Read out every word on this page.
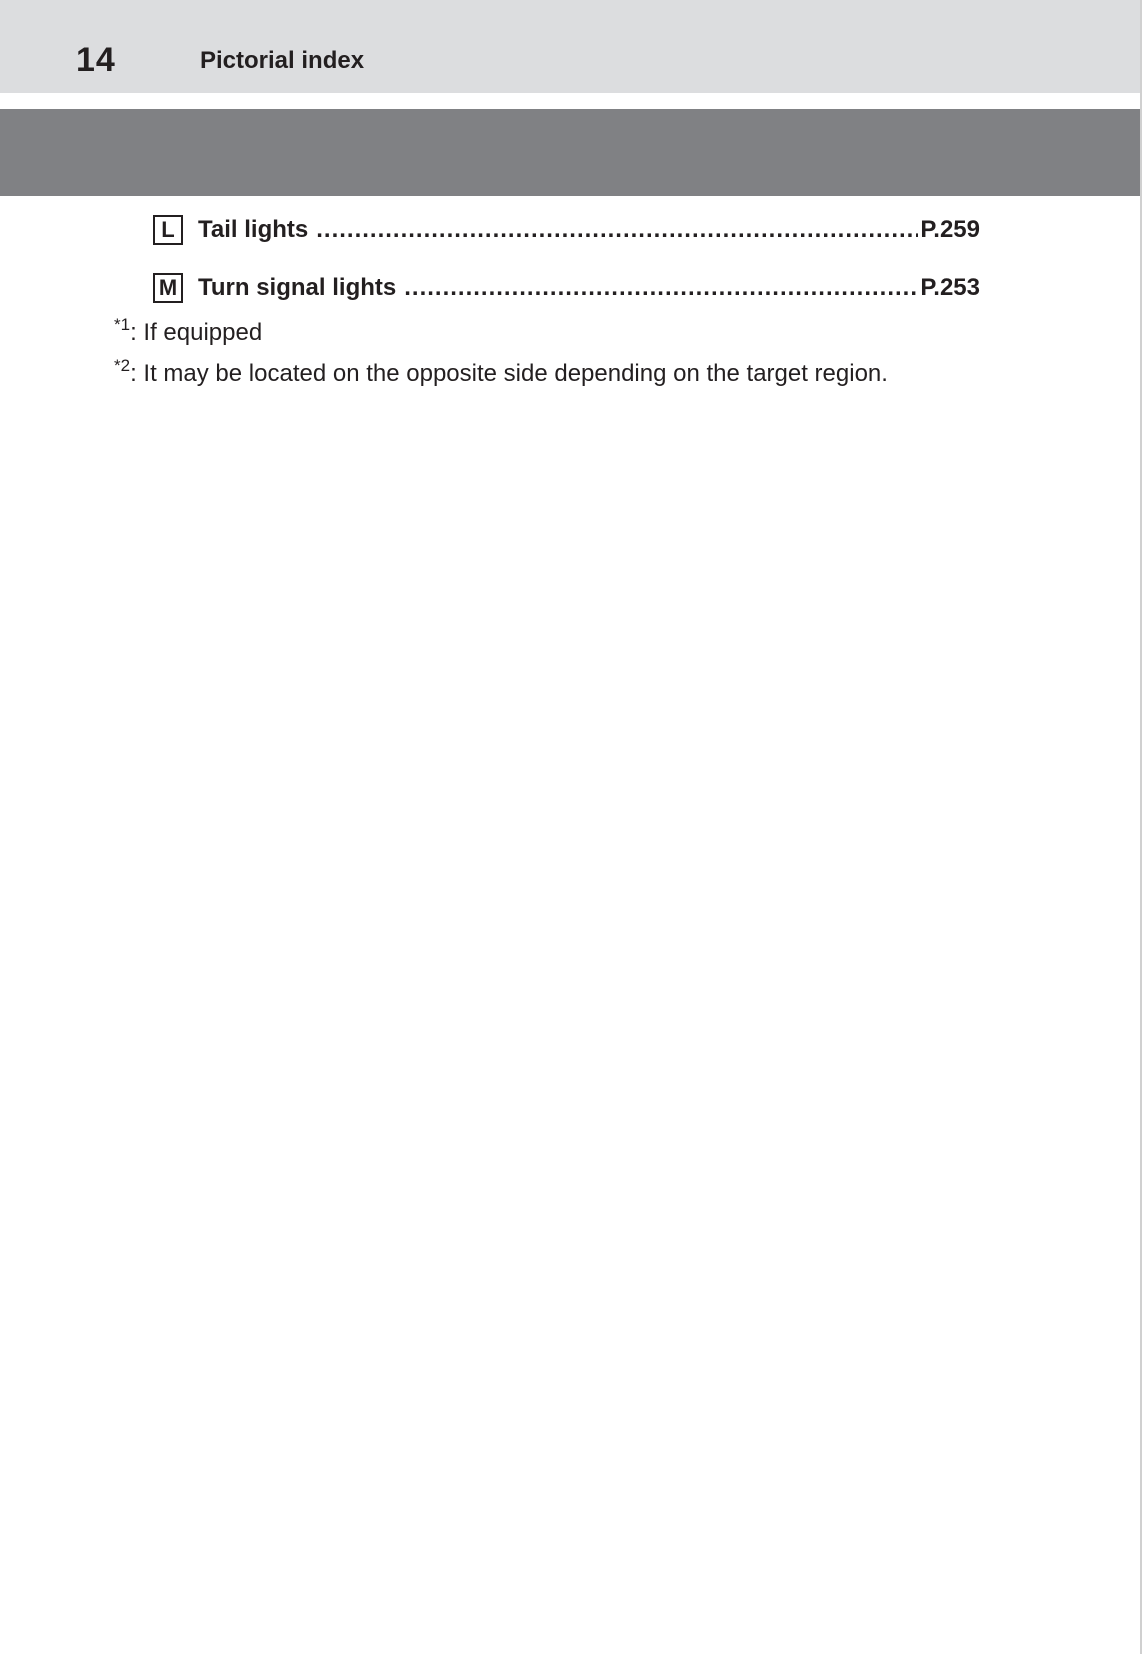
14	Pictorial index
L Tail lights .....	P.259
M Turn signal lights .....	P.253
$^{*1}$: If equipped
$^{*2}$: It may be located on the opposite side depending on the target region.
